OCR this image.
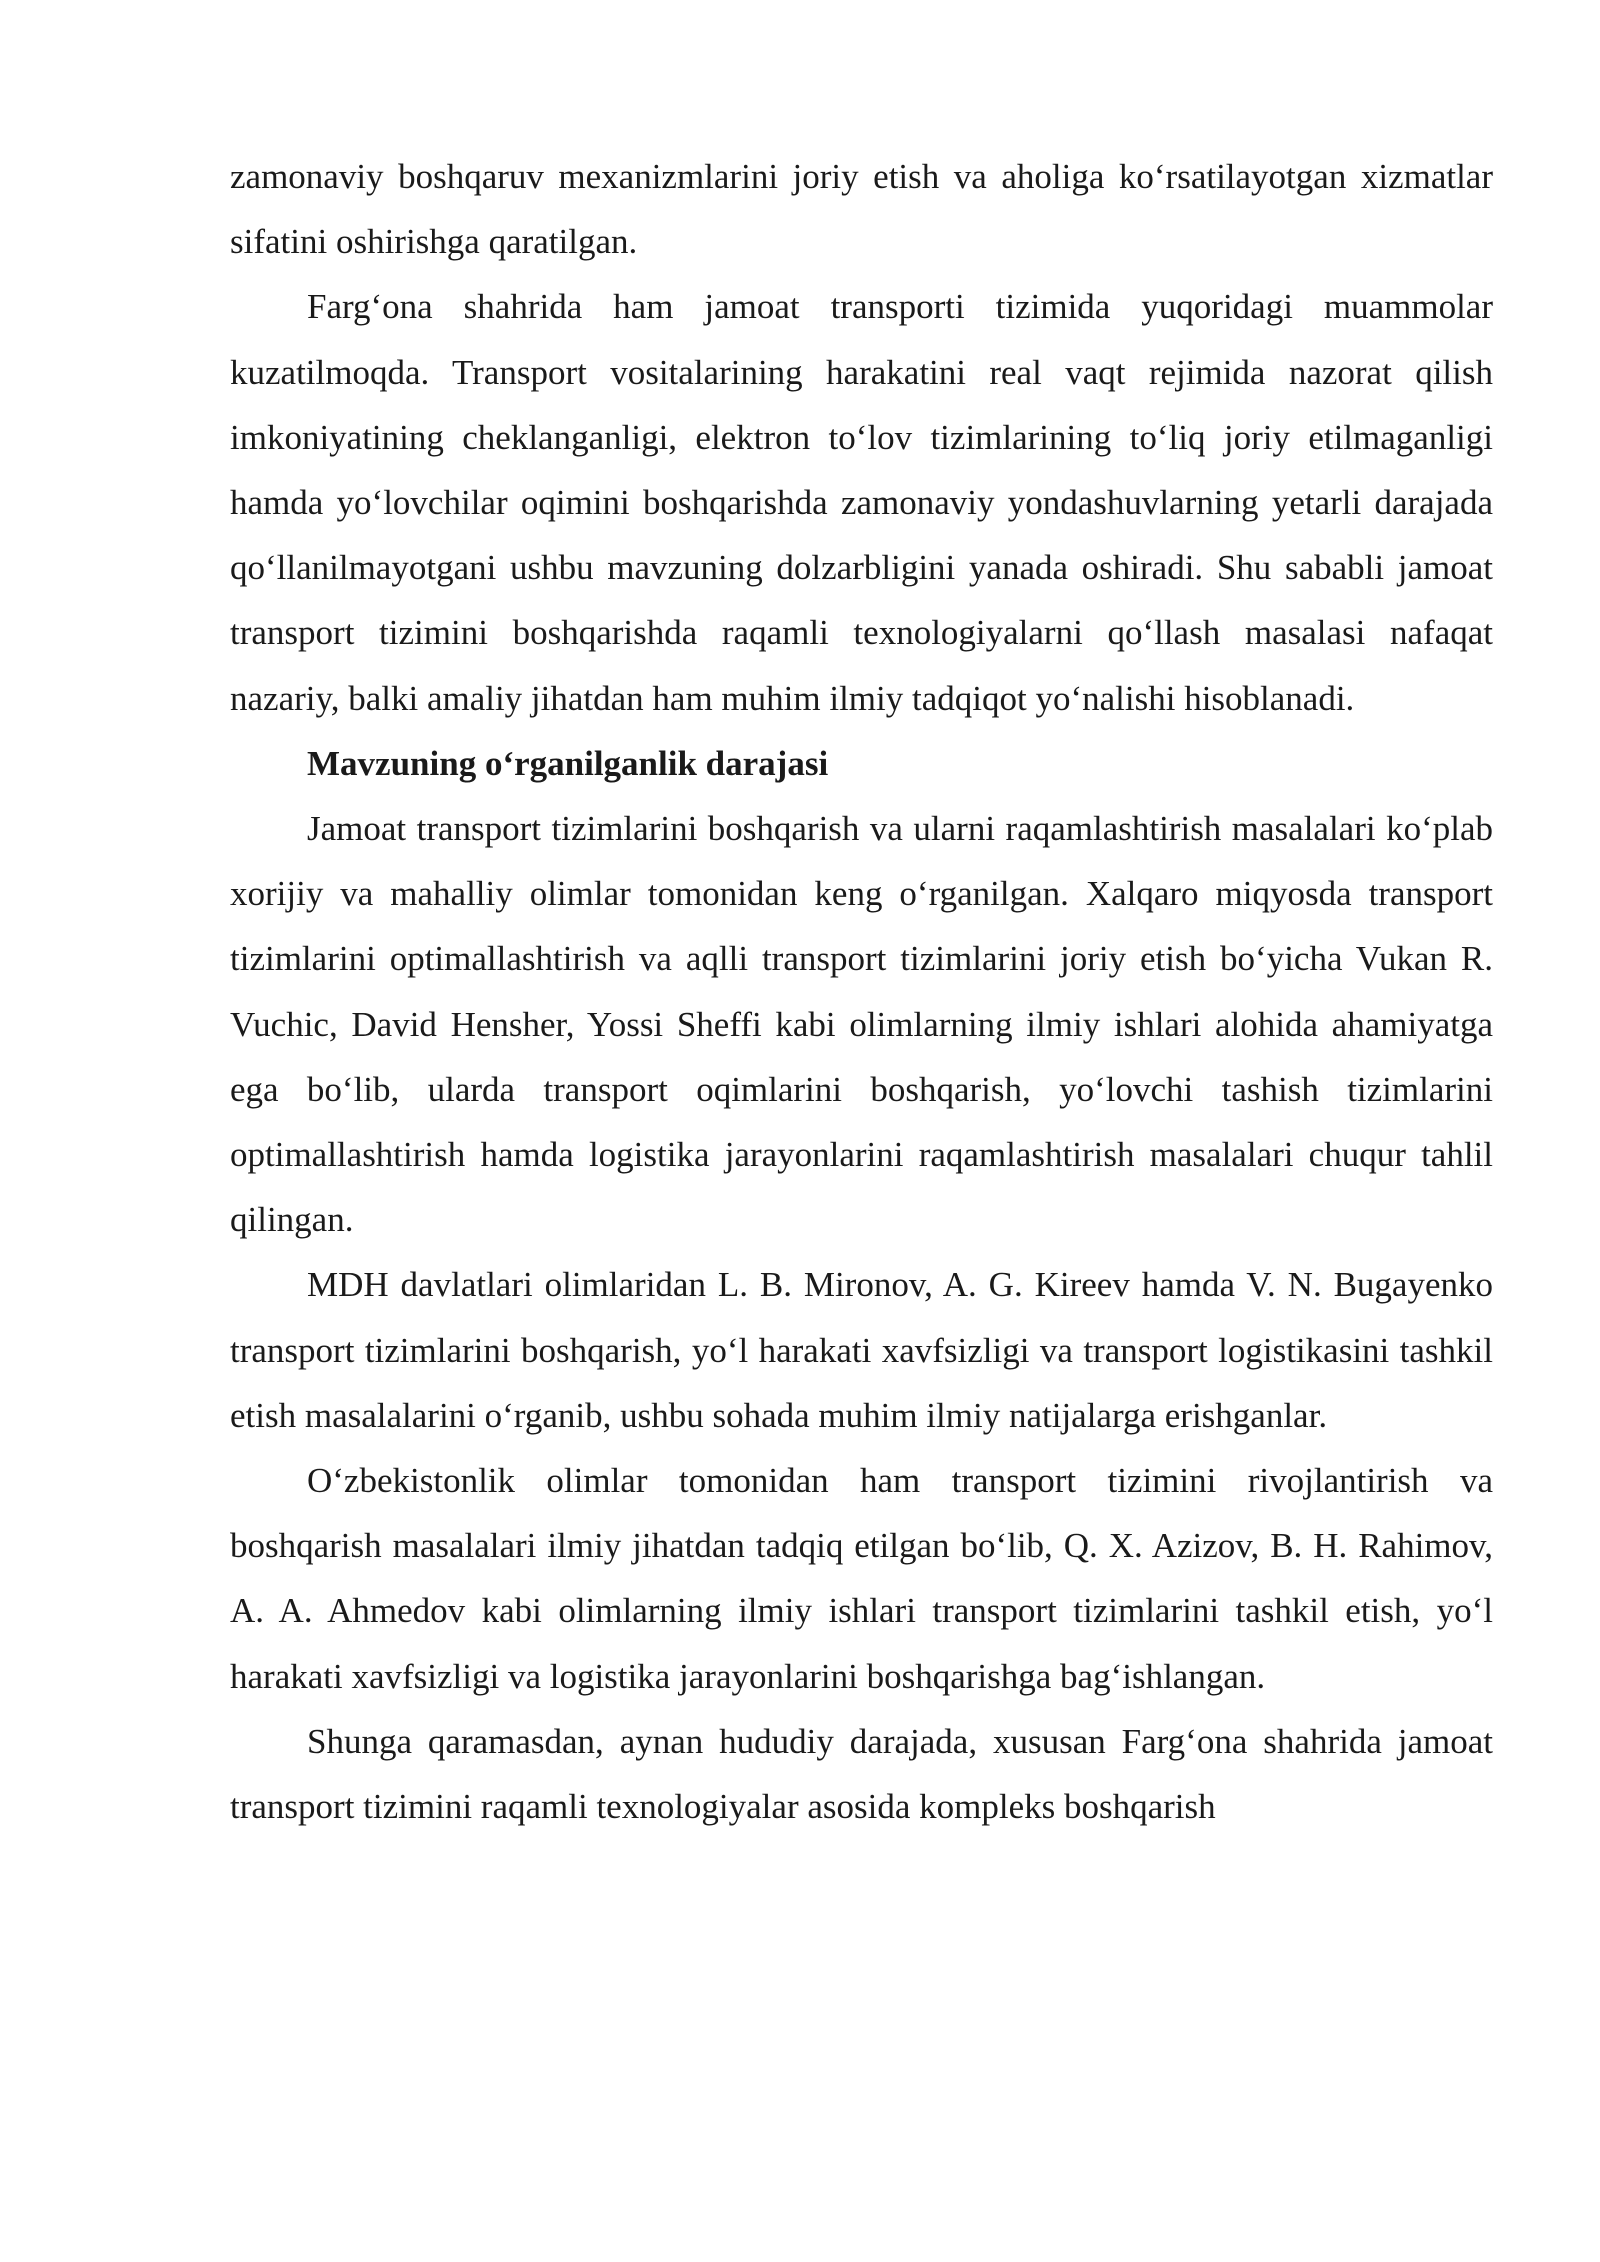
zamonaviy boshqaruv mexanizmlarini joriy etish va aholiga koʻrsatilayotgan xizmatlar sifatini oshirishga qaratilgan.

Fargʻona shahrida ham jamoat transporti tizimida yuqoridagi muammolar kuzatilmoqda. Transport vositalarining harakatini real vaqt rejimida nazorat qilish imkoniyatining cheklanganligi, elektron toʻlov tizimlarining toʻliq joriy etilmaganligi hamda yoʻlovchilar oqimini boshqarishda zamonaviy yondashuvlarning yetarli darajada qoʻllanilmayotgani ushbu mavzuning dolzarbligini yanada oshiradi. Shu sababli jamoat transport tizimini boshqarishda raqamli texnologiyalarni qoʻllash masalasi nafaqat nazariy, balki amaliy jihatdan ham muhim ilmiy tadqiqot yoʻnalishi hisoblanadi.

Mavzuning oʻrganilganlik darajasi

Jamoat transport tizimlarini boshqarish va ularni raqamlashtirish masalalari koʻplab xorijiy va mahalliy olimlar tomonidan keng oʻrganilgan. Xalqaro miqyosda transport tizimlarini optimallashtirish va aqlli transport tizimlarini joriy etish boʻyicha Vukan R. Vuchic, David Hensher, Yossi Sheffi kabi olimlarning ilmiy ishlari alohida ahamiyatga ega boʻlib, ularda transport oqimlarini boshqarish, yoʻlovchi tashish tizimlarini optimallashtirish hamda logistika jarayonlarini raqamlashtirish masalalari chuqur tahlil qilingan.

MDH davlatlari olimlaridan L. B. Mironov, A. G. Kireev hamda V. N. Bugayenko transport tizimlarini boshqarish, yoʻl harakati xavfsizligi va transport logistikasini tashkil etish masalalarini oʻrganib, ushbu sohada muhim ilmiy natijalarga erishganlar.

Oʻzbekistonlik olimlar tomonidan ham transport tizimini rivojlantirish va boshqarish masalalari ilmiy jihatdan tadqiq etilgan boʻlib, Q. X. Azizov, B. H. Rahimov, A. A. Ahmedov kabi olimlarning ilmiy ishlari transport tizimlarini tashkil etish, yoʻl harakati xavfsizligi va logistika jarayonlarini boshqarishga bagʻishlangan.

Shunga qaramasdan, aynan hududiy darajada, xususan Fargʻona shahrida jamoat transport tizimini raqamli texnologiyalar asosida kompleks boshqarish
